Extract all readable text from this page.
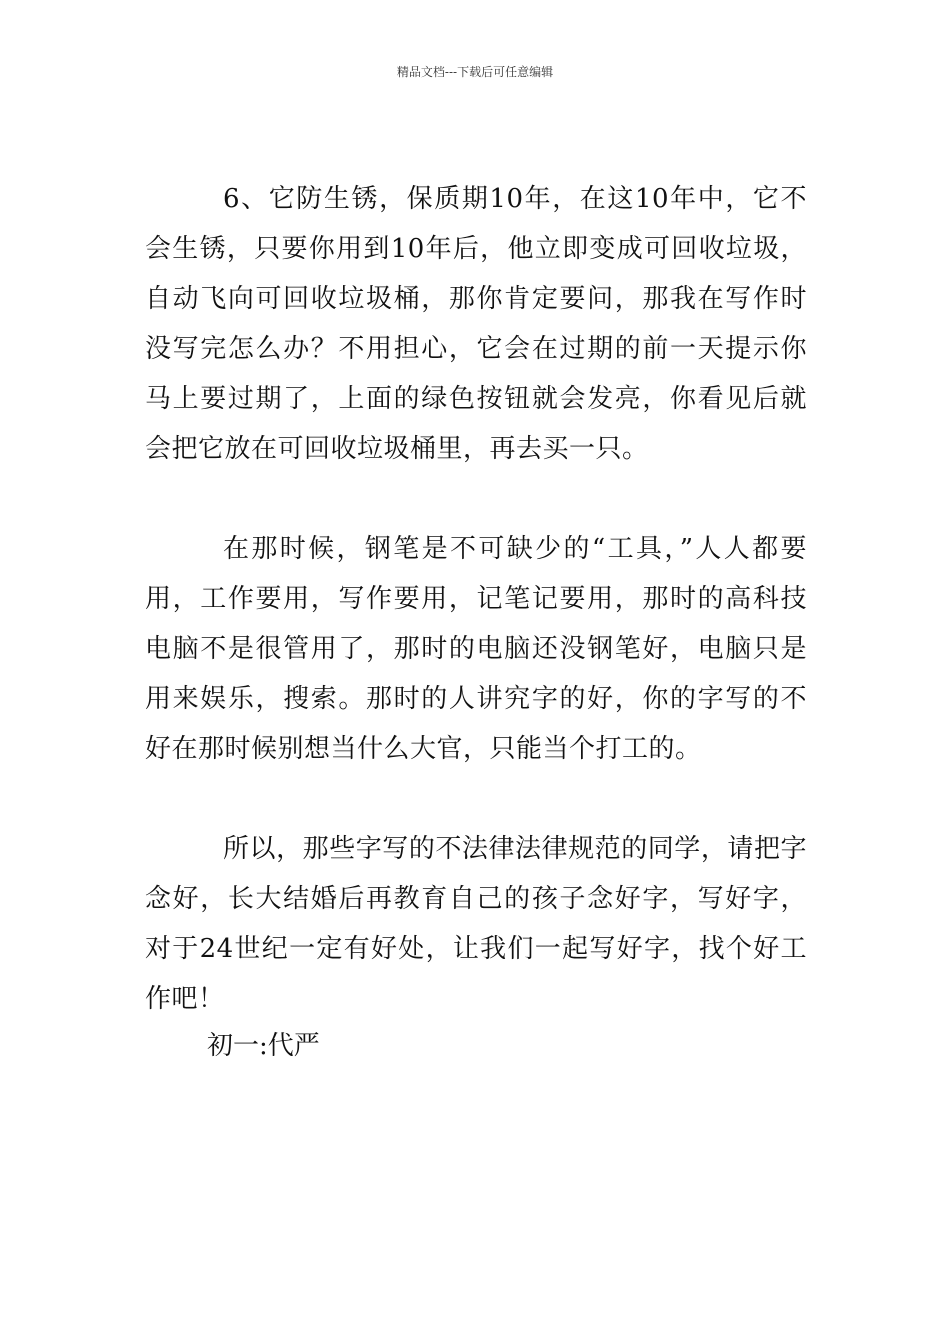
精品文档---下载后可任意编辑

6、它防生锈，保质期10年，在这10年中，它不会生锈，只要你用到10年后，他立即变成可回收垃圾，自动飞向可回收垃圾桶，那你肯定要问，那我在写作时没写完怎么办？不用担心，它会在过期的前一天提示你马上要过期了，上面的绿色按钮就会发亮，你看见后就会把它放在可回收垃圾桶里，再去买一只。

在那时候，钢笔是不可缺少的“工具，”人人都要用，工作要用，写作要用，记笔记要用，那时的高科技电脑不是很管用了，那时的电脑还没钢笔好，电脑只是用来娱乐，搜索。那时的人讲究字的好，你的字写的不好在那时候别想当什么大官，只能当个打工的。

所以，那些字写的不法律法律规范的同学，请把字念好，长大结婚后再教育自己的孩子念好字，写好字，对于24世纪一定有好处，让我们一起写好字，找个好工作吧！

初一:代严
